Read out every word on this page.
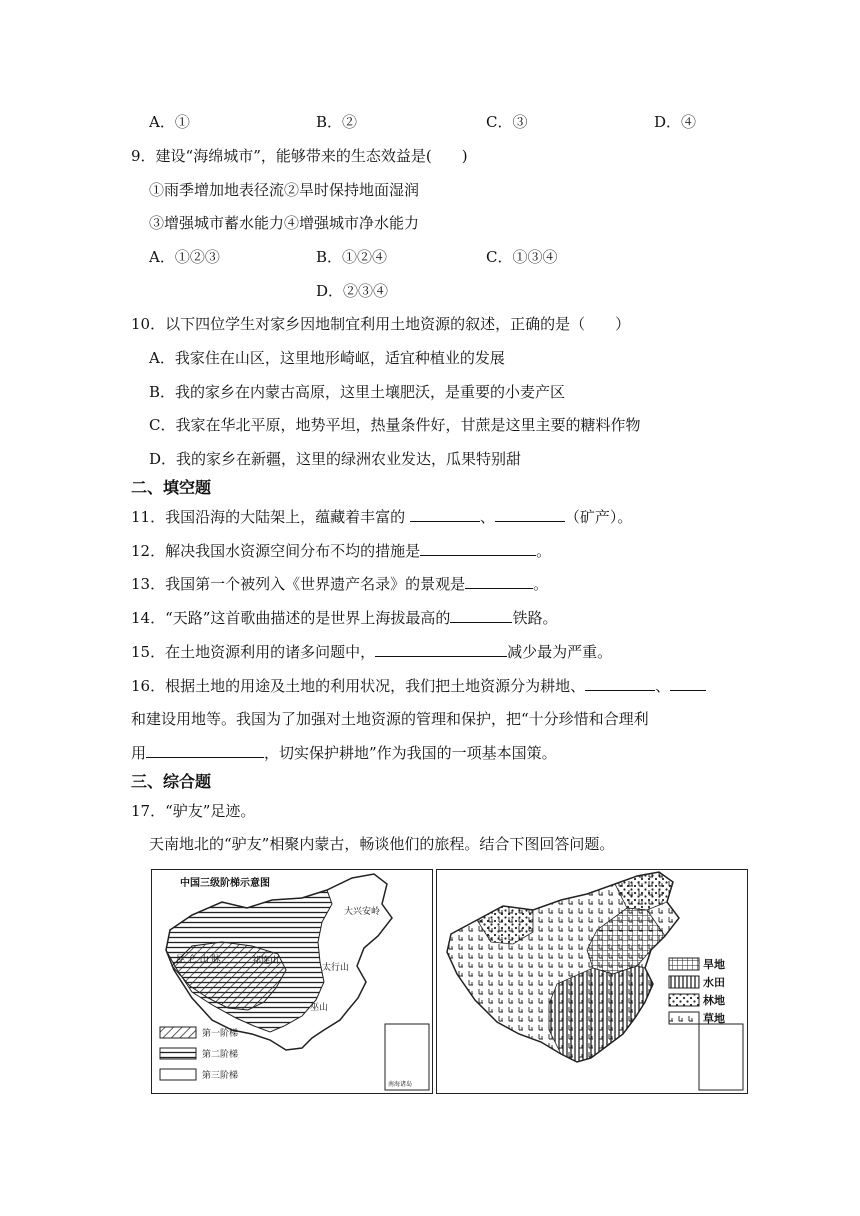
A．①	B．②	C．③	D．④
9．建设“海绵城市”，能够带来的生态效益是(　　)
①雨季增加地表径流②旱时保持地面湿润
③增强城市蓄水能力④增强城市净水能力
A．①②③	B．①②④	C．①③④
D．②③④
10．以下四位学生对家乡因地制宜利用土地资源的叙述，正确的是（　　）
A．我家住在山区，这里地形崎岖，适宜种植业的发展
B．我的家乡在内蒙古高原，这里土壤肥沃，是重要的小麦产区
C．我家在华北平原，地势平坦，热量条件好，甘蔗是这里主要的糖料作物
D．我的家乡在新疆，这里的绿洲农业发达，瓜果特别甜
二、填空题
11．我国沿海的大陆架上，蕴藏着丰富的	、	（矿产）。
12．解决我国水资源空间分布不均的措施是	。
13．我国第一个被列入《世界遗产名录》的景观是	。
14．“天路”这首歌曲描述的是世界上海拔最高的	铁路。
15．在土地资源利用的诸多问题中，	减少最为严重。
16．根据土地的用途及土地的利用状况，我们把土地资源分为耕地、	、
和建设用地等。我国为了加强对土地资源的管理和保护，把“十分珍惜和合理利
用	，切实保护耕地”作为我国的一项基本国策。
三、综合题
17．“驴友”足迹。
天南地北的“驴友”相聚内蒙古，畅谈他们的旅程。结合下图回答问题。
中国三级阶梯示意图
昆 仑 山 脉	祁连山
太行山
巫山
大兴安岭
南海诸岛
第一阶梯
第二阶梯
第三阶梯
旱地
水田
林地
草地
